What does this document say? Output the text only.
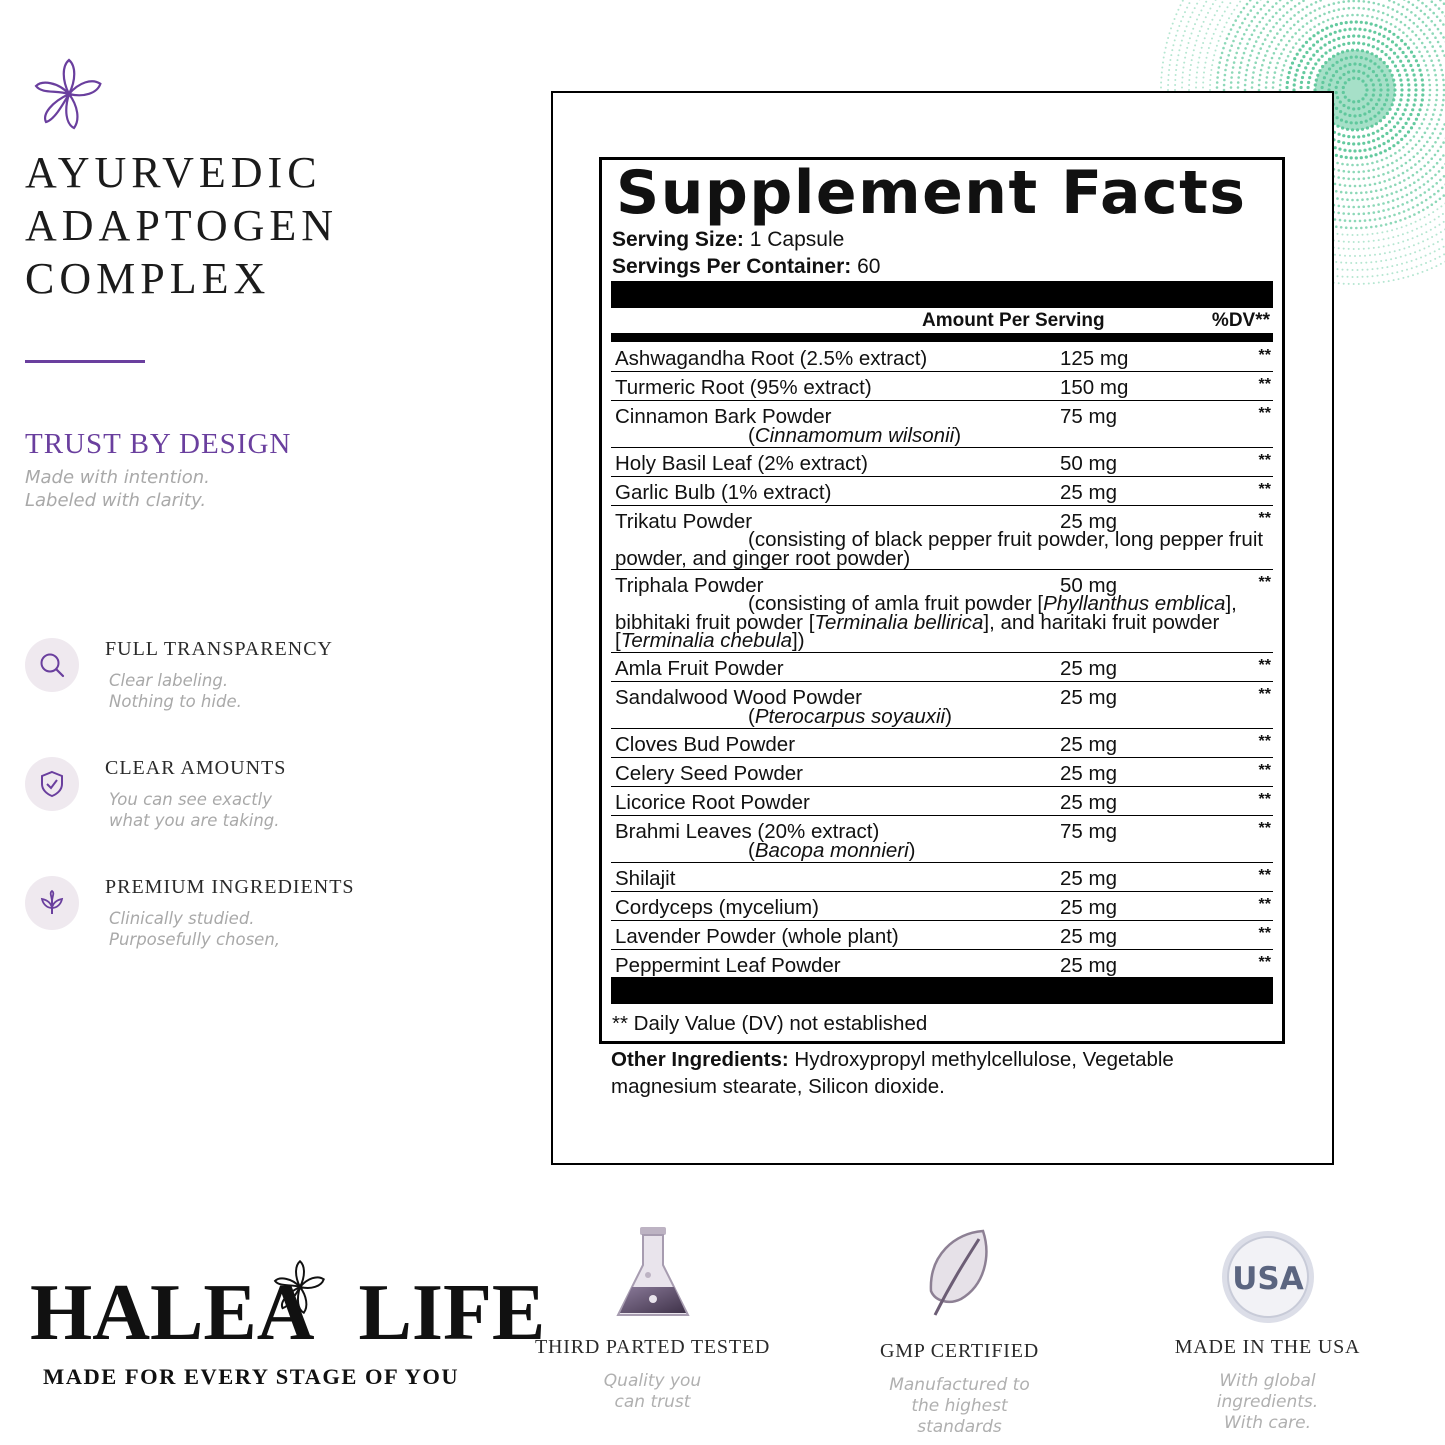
AYURVEDIC
ADAPTOGEN
COMPLEX
TRUST BY DESIGN
Made with intention.
Labeled with clarity.
FULL TRANSPARENCY
Clear labeling.
Nothing to hide.
CLEAR AMOUNTS
You can see exactly
what you are taking.
PREMIUM INGREDIENTS
Clinically studied.
Purposefully chosen,
Supplement Facts
Serving Size: 1 Capsule
Servings Per Container: 60
Amount Per Serving	%DV**
Ashwagandha Root (2.5% extract)	125 mg	**
Turmeric Root (95% extract)	150 mg	**
Cinnamon Bark Powder	75 mg	**
(Cinnamomum wilsonii)
Holy Basil Leaf (2% extract)	50 mg	**
Garlic Bulb (1% extract)	25 mg	**
Trikatu Powder	25 mg	**
(consisting of black pepper fruit powder, long pepper fruit powder, and ginger root powder)
Triphala Powder	50 mg	**
(consisting of amla fruit powder [Phyllanthus emblica], bibhitaki fruit powder [Terminalia bellirica], and haritaki fruit powder [Terminalia chebula])
Amla Fruit Powder	25 mg	**
Sandalwood Wood Powder	25 mg	**
(Pterocarpus soyauxii)
Cloves Bud Powder	25 mg	**
Celery Seed Powder	25 mg	**
Licorice Root Powder	25 mg	**
Brahmi Leaves (20% extract)	75 mg	**
(Bacopa monnieri)
Shilajit	25 mg	**
Cordyceps (mycelium)	25 mg	**
Lavender Powder (whole plant)	25 mg	**
Peppermint Leaf Powder	25 mg	**
** Daily Value (DV) not established
Other Ingredients: Hydroxypropyl methylcellulose, Vegetable magnesium stearate, Silicon dioxide.
HALEA LIFE
MADE FOR EVERY STAGE OF YOU
THIRD PARTED TESTED
Quality you
can trust
GMP CERTIFIED
Manufactured to
the highest
standards
USA
MADE IN THE USA
With global
ingredients.
With care.
